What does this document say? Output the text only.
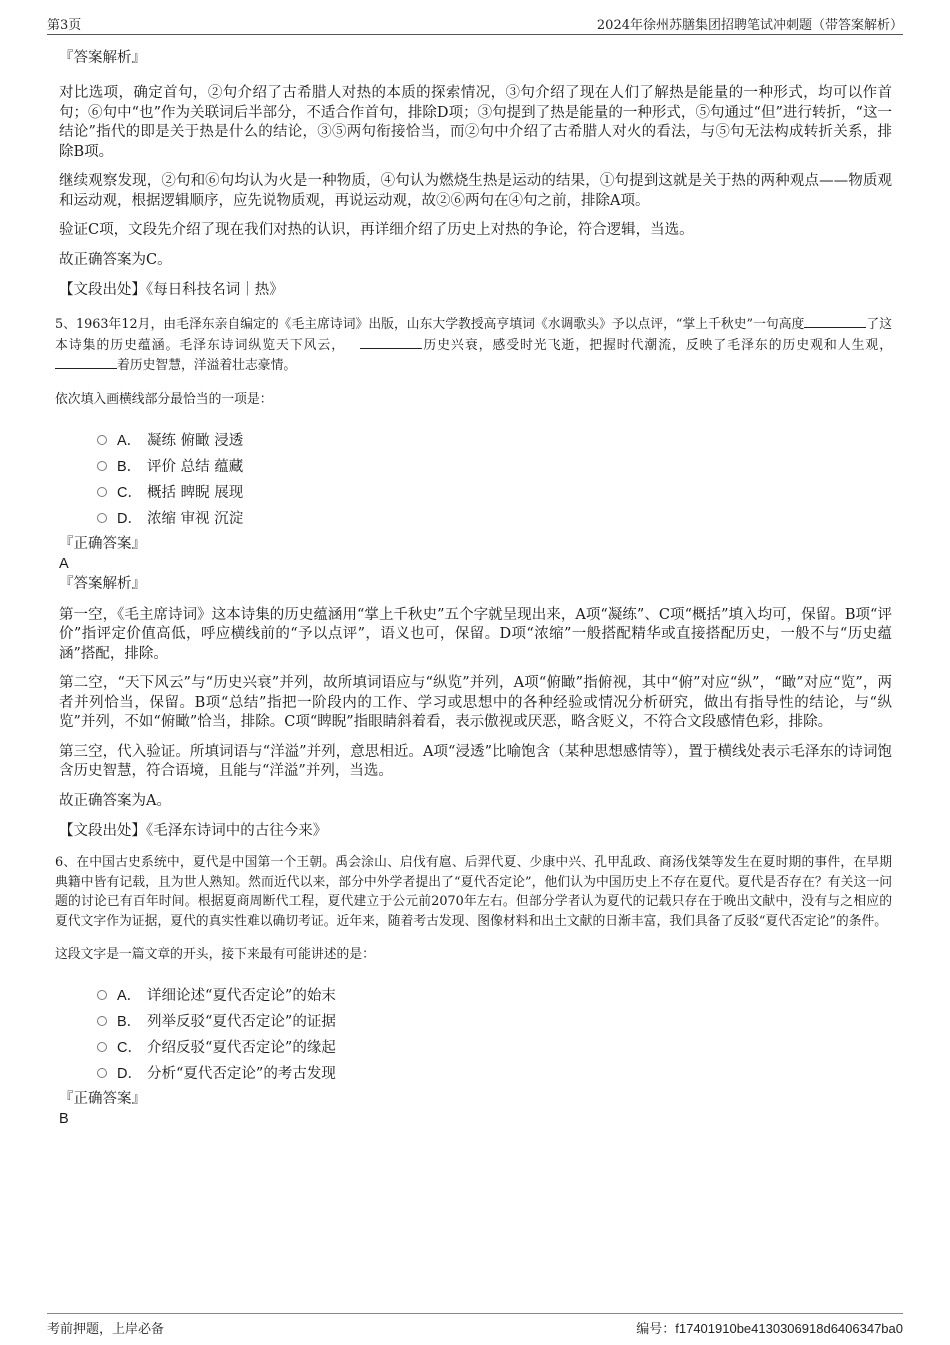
第3页	2024年徐州苏膳集团招聘笔试冲刺题（带答案解析）
『答案解析』

对比选项，确定首句，②句介绍了古希腊人对热的本质的探索情况，③句介绍了现在人们了解热是能量的一种形式，均可以作首句；⑥句中“也”作为关联词后半部分，不适合作首句，排除D项；③句提到了热是能量的一种形式，⑤句通过“但”进行转折，“这一结论”指代的即是关于热是什么的结论，③⑤两句衔接恰当，而②句中介绍了古希腊人对火的看法，与⑤句无法构成转折关系，排除B项。

继续观察发现，②句和⑥句均认为火是一种物质，④句认为燃烧生热是运动的结果，①句提到这就是关于热的两种观点——物质观和运动观，根据逻辑顺序，应先说物质观，再说运动观，故②⑥两句在④句之前，排除A项。

验证C项，文段先介绍了现在我们对热的认识，再详细介绍了历史上对热的争论，符合逻辑，当选。

故正确答案为C。

【文段出处】《每日科技名词｜热》

5、1963年12月，由毛泽东亲自编定的《毛主席诗词》出版，山东大学教授高亨填词《水调歌头》予以点评，“掌上千秋史”一句高度	了这本诗集的历史蕴涵。毛泽东诗词纵览天下风云，	历史兴衰，感受时光飞逝，把握时代潮流，反映了毛泽东的历史观和人生观，着历史智慧，洋溢着壮志豪情。

依次填入画横线部分最恰当的一项是：
A． 凝练 俯瞰 浸透
B． 评价 总结 蕴藏
C． 概括 睥睨 展现
D． 浓缩 审视 沉淀
『正确答案』
A
『答案解析』

第一空，《毛主席诗词》这本诗集的历史蕴涵用“掌上千秋史”五个字就呈现出来，A项“凝练”、C项“概括”填入均可，保留。B项“评价”指评定价值高低，呼应横线前的“予以点评”，语义也可，保留。D项“浓缩”一般搭配精华或直接搭配历史，一般不与“历史蕴涵”搭配，排除。

第二空，“天下风云”与“历史兴衰”并列，故所填词语应与“纵览”并列，A项“俯瞰”指俯视，其中“俯”对应“纵”，“瞰”对应“览”，两者并列恰当，保留。B项“总结”指把一阶段内的工作、学习或思想中的各种经验或情况分析研究，做出有指导性的结论，与“纵览”并列，不如“俯瞰”恰当，排除。C项“睥睨”指眼睛斜着看，表示傲视或厌恶，略含贬义，不符合文段感情色彩，排除。

第三空，代入验证。所填词语与“洋溢”并列，意思相近。A项“浸透”比喻饱含（某种思想感情等），置于横线处表示毛泽东的诗词饱含历史智慧，符合语境，且能与“洋溢”并列，当选。

故正确答案为A。

【文段出处】《毛泽东诗词中的古往今来》

6、在中国古史系统中，夏代是中国第一个王朝。禹会涂山、启伐有扈、后羿代夏、少康中兴、孔甲乱政、商汤伐桀等发生在夏时期的事件，在早期典籍中皆有记载，且为世人熟知。然而近代以来，部分中外学者提出了“夏代否定论”，他们认为中国历史上不存在夏代。夏代是否存在？有关这一问题的讨论已有百年时间。根据夏商周断代工程，夏代建立于公元前2070年左右。但部分学者认为夏代的记载只存在于晚出文献中，没有与之相应的夏代文字作为证据，夏代的真实性难以确切考证。近年来，随着考古发现、图像材料和出土文献的日渐丰富，我们具备了反驳“夏代否定论”的条件。

这段文字是一篇文章的开头，接下来最有可能讲述的是：
A． 详细论述“夏代否定论”的始末
B． 列举反驳“夏代否定论”的证据
C． 介绍反驳“夏代否定论”的缘起
D． 分析“夏代否定论”的考古发现
『正确答案』
B
考前押题，上岸必备	编号：f17401910be4130306918d6406347ba0
